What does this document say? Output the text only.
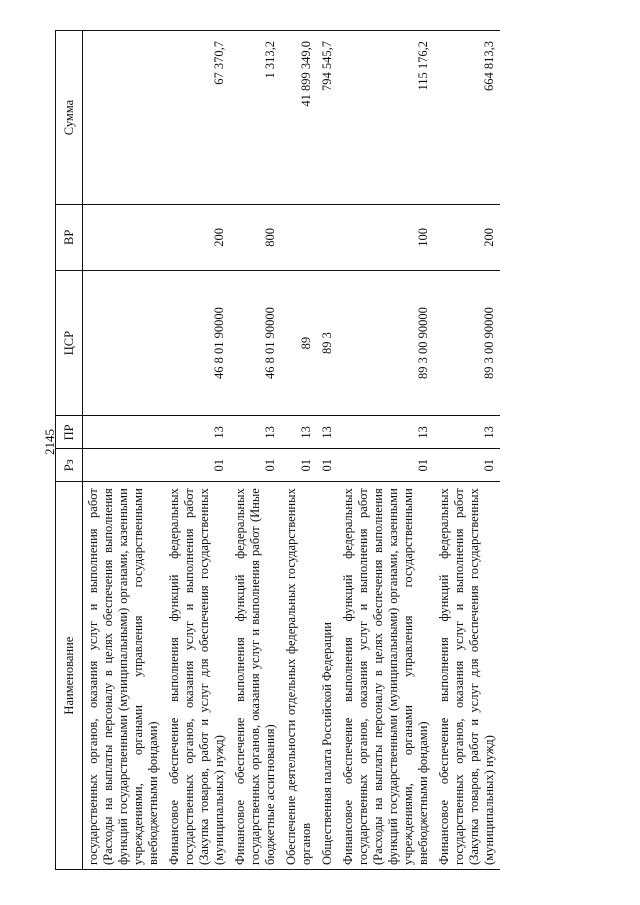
2145
Наименование	Рз	ПР	ЦСР	ВР	Сумма
государственных органов, оказания услуг и выполнения работ (Расходы на выплаты персоналу в целях обеспечения выполнения функций государственными (муниципальными) органами, казенными учреждениями, органами управления государственными внебюджетными фондами)					
Финансовое обеспечение выполнения функций федеральных государственных органов, оказания услуг и выполнения работ (Закупка товаров, работ и услуг для обеспечения государственных (муниципальных) нужд)	01	13	46 8 01 90000	200	67 370,7
Финансовое обеспечение выполнения функций федеральных государственных органов, оказания услуг и выполнения работ (Иные бюджетные ассигнования)	01	13	46 8 01 90000	800	1 313,2
Обеспечение деятельности отдельных федеральных государственных органов	01	13	89		41 899 349,0
Общественная палата Российской Федерации	01	13	89 3		794 545,7
Финансовое обеспечение выполнения функций федеральных государственных органов, оказания услуг и выполнения работ (Расходы на выплаты персоналу в целях обеспечения выполнения функций государственными (муниципальными) органами, казенными учреждениями, органами управления государственными внебюджетными фондами)	01	13	89 3 00 90000	100	115 176,2
Финансовое обеспечение выполнения функций федеральных государственных органов, оказания услуг и выполнения работ (Закупка товаров, работ и услуг для обеспечения государственных (муниципальных) нужд)	01	13	89 3 00 90000	200	664 813,3
